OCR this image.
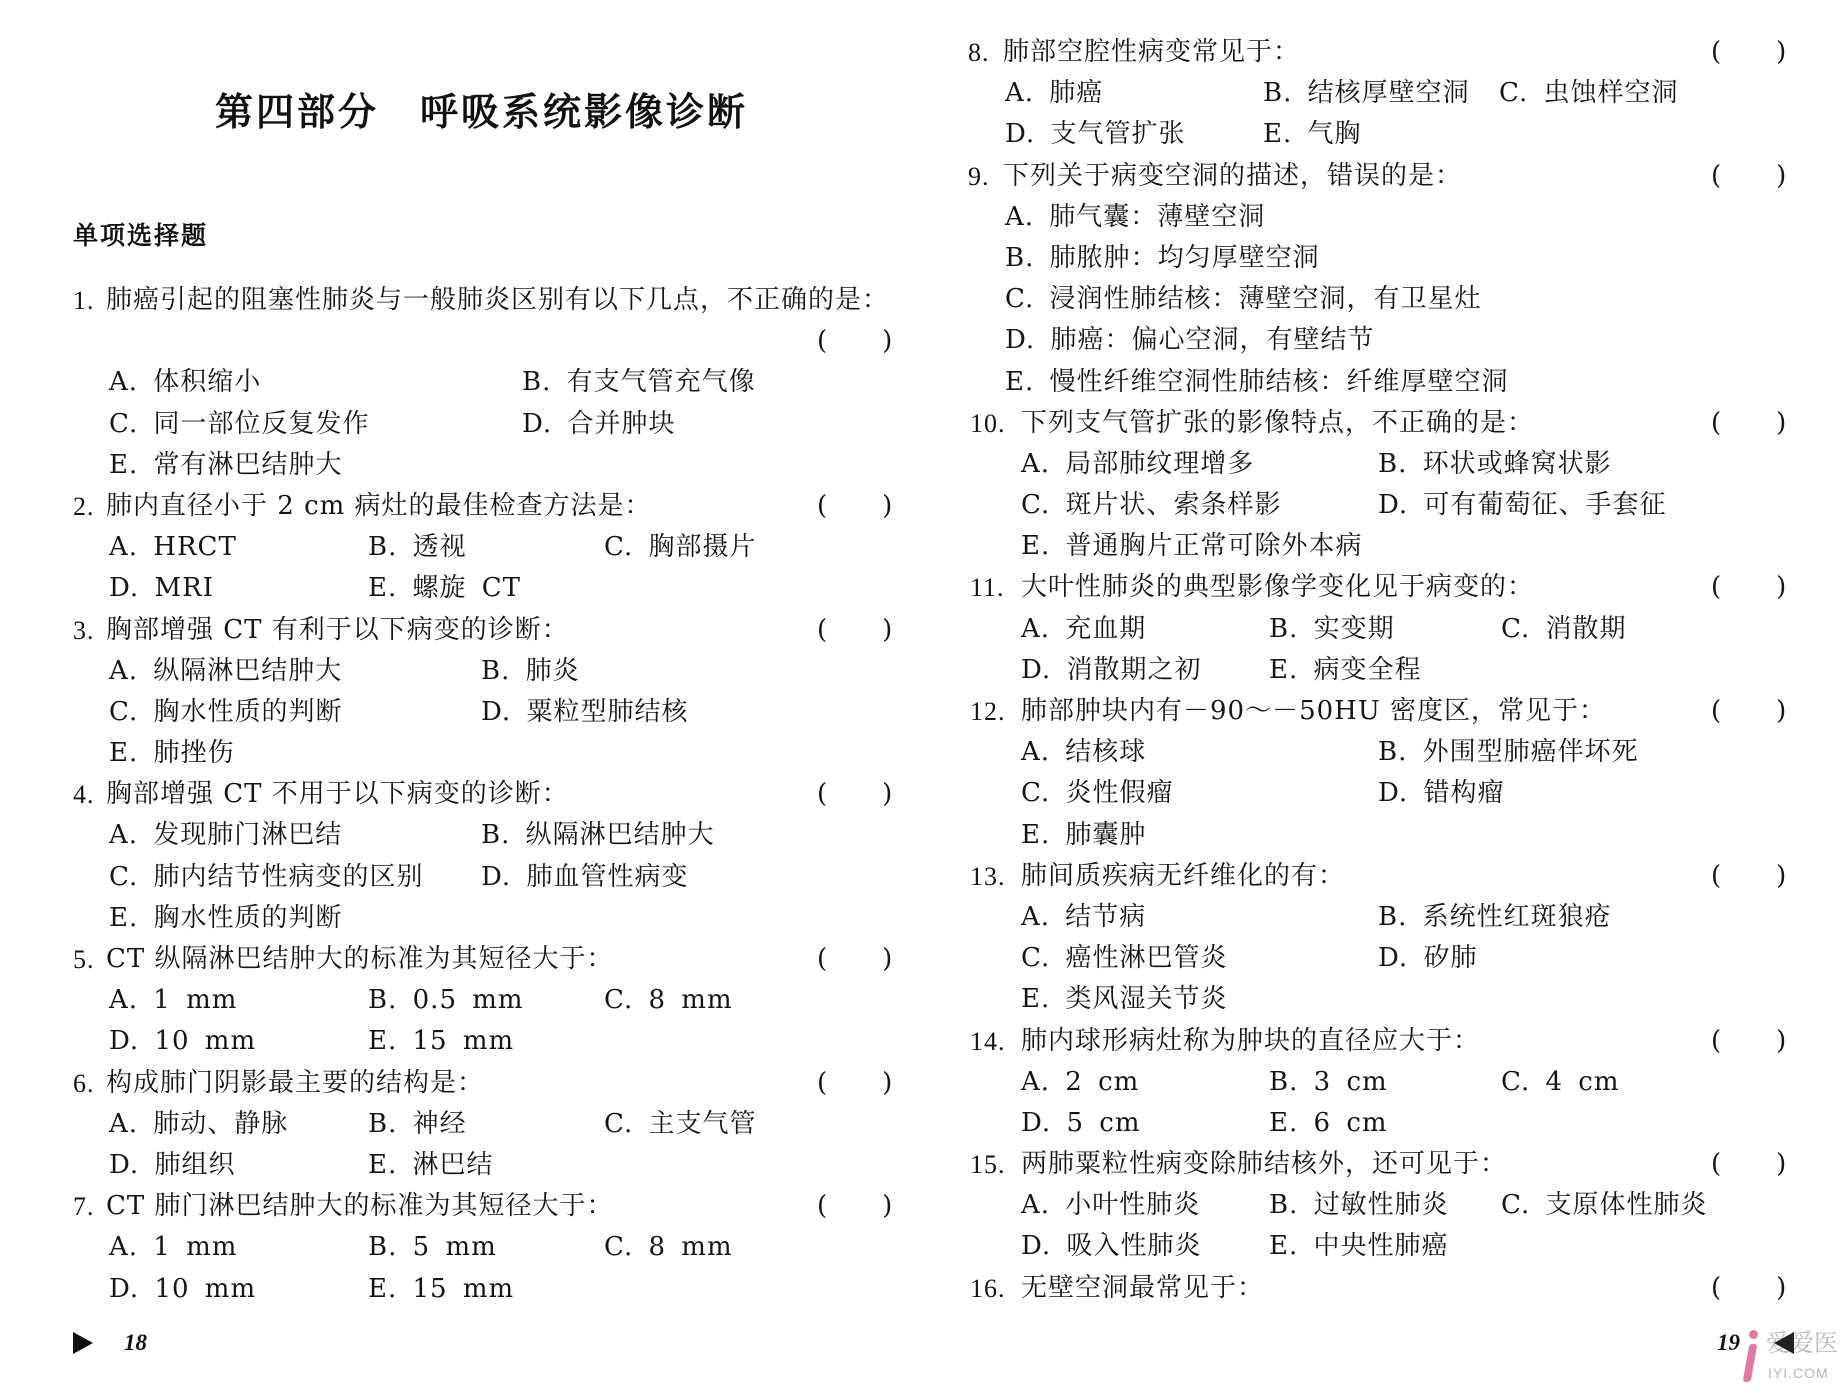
第四部分　呼吸系统影像诊断
单项选择题
1. 肺癌引起的阻塞性肺炎与一般肺炎区别有以下几点，不正确的是：
(　　)
A. 体积缩小	B. 有支气管充气像
C. 同一部位反复发作	D. 合并肿块
E. 常有淋巴结肿大
2. 肺内直径小于 2 cm 病灶的最佳检查方法是：	(　　)
A. HRCT	B. 透视	C. 胸部摄片
D. MRI	E. 螺旋 CT
3. 胸部增强 CT 有利于以下病变的诊断：	(　　)
A. 纵隔淋巴结肿大	B. 肺炎
C. 胸水性质的判断	D. 粟粒型肺结核
E. 肺挫伤
4. 胸部增强 CT 不用于以下病变的诊断：	(　　)
A. 发现肺门淋巴结	B. 纵隔淋巴结肿大
C. 肺内结节性病变的区别 D. 肺血管性病变
E. 胸水性质的判断
5. CT 纵隔淋巴结肿大的标准为其短径大于：	(　　)
A. 1 mm	B. 0.5 mm	C. 8 mm
D. 10 mm	E. 15 mm
6. 构成肺门阴影最主要的结构是：	(　　)
A. 肺动、静脉	B. 神经	C. 主支气管
D. 肺组织	E. 淋巴结
7. CT 肺门淋巴结肿大的标准为其短径大于：	(　　)
A. 1 mm	B. 5 mm	C. 8 mm
D. 10 mm	E. 15 mm
8. 肺部空腔性病变常见于：	(　　)
A. 肺癌	B. 结核厚壁空洞 C. 虫蚀样空洞
D. 支气管扩张	E. 气胸
9. 下列关于病变空洞的描述，错误的是：	(　　)
A. 肺气囊：薄壁空洞
B. 肺脓肿：均匀厚壁空洞
C. 浸润性肺结核：薄壁空洞，有卫星灶
D. 肺癌：偏心空洞，有壁结节
E. 慢性纤维空洞性肺结核：纤维厚壁空洞
10. 下列支气管扩张的影像特点，不正确的是：	(　　)
A. 局部肺纹理增多	B. 环状或蜂窝状影
C. 斑片状、索条样影	D. 可有葡萄征、手套征
E. 普通胸片正常可除外本病
11. 大叶性肺炎的典型影像学变化见于病变的：	(　　)
A. 充血期	B. 实变期	C. 消散期
D. 消散期之初	E. 病变全程
12. 肺部肿块内有－90～－50HU 密度区，常见于：	(　　)
A. 结核球	B. 外围型肺癌伴坏死
C. 炎性假瘤	D. 错构瘤
E. 肺囊肿
13. 肺间质疾病无纤维化的有：	(　　)
A. 结节病	B. 系统性红斑狼疮
C. 癌性淋巴管炎	D. 矽肺
E. 类风湿关节炎
14. 肺内球形病灶称为肿块的直径应大于：	(　　)
A. 2 cm	B. 3 cm	C. 4 cm
D. 5 cm	E. 6 cm
15. 两肺粟粒性病变除肺结核外，还可见于：	(　　)
A. 小叶性肺炎	B. 过敏性肺炎 C. 支原体性肺炎
D. 吸入性肺炎	E. 中央性肺癌
16. 无壁空洞最常见于：	(　　)
18	19 爱爱医
IYI.COM
